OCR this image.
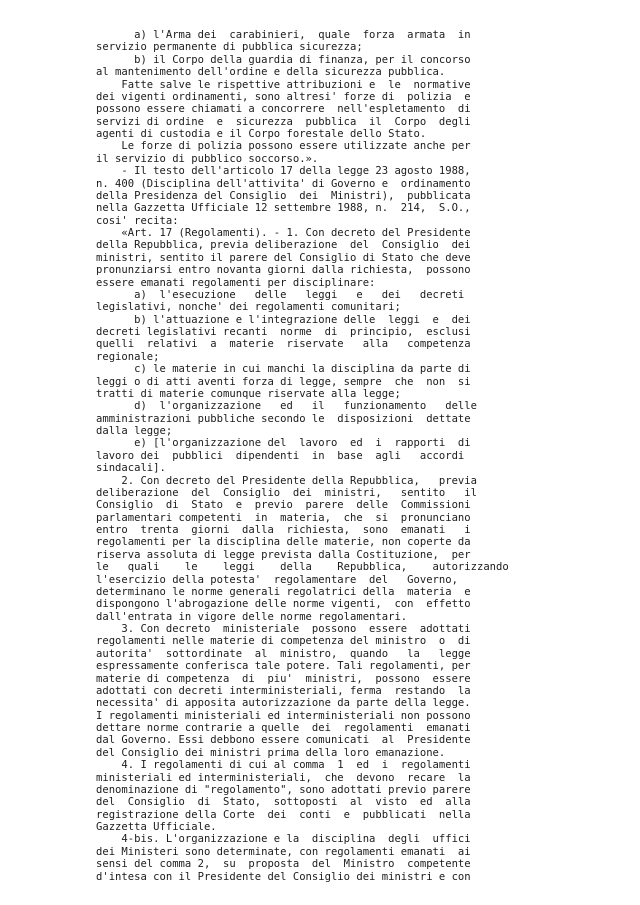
a) l'Arma dei  carabinieri,  quale  forza  armata  in
servizio permanente di pubblica sicurezza;
b) il Corpo della guardia di finanza, per il concorso
al mantenimento dell'ordine e della sicurezza pubblica.
Fatte salve le rispettive attribuzioni e  le  normative
dei vigenti ordinamenti, sono altresi' forze di  polizia  e
possono essere chiamati a concorrere  nell'espletamento  di
servizi di ordine  e  sicurezza  pubblica  il  Corpo  degli
agenti di custodia e il Corpo forestale dello Stato.
Le forze di polizia possono essere utilizzate anche per
il servizio di pubblico soccorso.».
- Il testo dell'articolo 17 della legge 23 agosto 1988,
n. 400 (Disciplina dell'attivita' di Governo e  ordinamento
della Presidenza del Consiglio  dei  Ministri),  pubblicata
nella Gazzetta Ufficiale 12 settembre 1988, n.  214,  S.O.,
cosi' recita:
«Art. 17 (Regolamenti). - 1. Con decreto del Presidente
della Repubblica, previa deliberazione  del  Consiglio  dei
ministri, sentito il parere del Consiglio di Stato che deve
pronunziarsi entro novanta giorni dalla richiesta,  possono
essere emanati regolamenti per disciplinare:
a)  l'esecuzione   delle   leggi   e   dei   decreti
legislativi, nonche' dei regolamenti comunitari;
b) l'attuazione e l'integrazione delle  leggi  e  dei
decreti legislativi recanti  norme  di  principio,  esclusi
quelli  relativi  a  materie  riservate   alla   competenza
regionale;
c) le materie in cui manchi la disciplina da parte di
leggi o di atti aventi forza di legge, sempre  che  non  si
tratti di materie comunque riservate alla legge;
d)  l'organizzazione   ed   il   funzionamento   delle
amministrazioni pubbliche secondo le  disposizioni  dettate
dalla legge;
e) [l'organizzazione del  lavoro  ed  i  rapporti  di
lavoro dei  pubblici  dipendenti  in  base  agli   accordi
sindacali].
2. Con decreto del Presidente della Repubblica,   previa
deliberazione  del  Consiglio  dei  ministri,   sentito   il
Consiglio  di  Stato  e  previo  parere  delle  Commissioni
parlamentari competenti  in  materia,  che  si  pronunciano
entro  trenta  giorni  dalla  richiesta,  sono  emanati   i
regolamenti per la disciplina delle materie, non coperte da
riserva assoluta di legge prevista dalla Costituzione,  per
le   quali    le    leggi    della    Repubblica,    autorizzando
l'esercizio della potesta'  regolamentare  del   Governo,
determinano le norme generali regolatrici della  materia  e
dispongono l'abrogazione delle norme vigenti,  con  effetto
dall'entrata in vigore delle norme regolamentari.
3. Con decreto  ministeriale  possono  essere  adottati
regolamenti nelle materie di competenza del ministro  o  di
autorita'  sottordinate  al  ministro,  quando   la   legge
espressamente conferisca tale potere. Tali regolamenti, per
materie di competenza  di  piu'  ministri,  possono  essere
adottati con decreti interministeriali, ferma  restando  la
necessita' di apposita autorizzazione da parte della legge.
I regolamenti ministeriali ed interministeriali non possono
dettare norme contrarie a quelle  dei  regolamenti  emanati
dal Governo. Essi debbono essere comunicati  al  Presidente
del Consiglio dei ministri prima della loro emanazione.
4. I regolamenti di cui al comma  1  ed  i  regolamenti
ministeriali ed interministeriali,  che  devono  recare  la
denominazione di "regolamento", sono adottati previo parere
del  Consiglio  di  Stato,  sottoposti  al  visto  ed  alla
registrazione della Corte  dei  conti  e  pubblicati  nella
Gazzetta Ufficiale.
4-bis. L'organizzazione e la  disciplina  degli  uffici
dei Ministeri sono determinate, con regolamenti emanati  ai
sensi del comma 2,  su  proposta  del  Ministro  competente
d'intesa con il Presidente del Consiglio dei ministri e con
